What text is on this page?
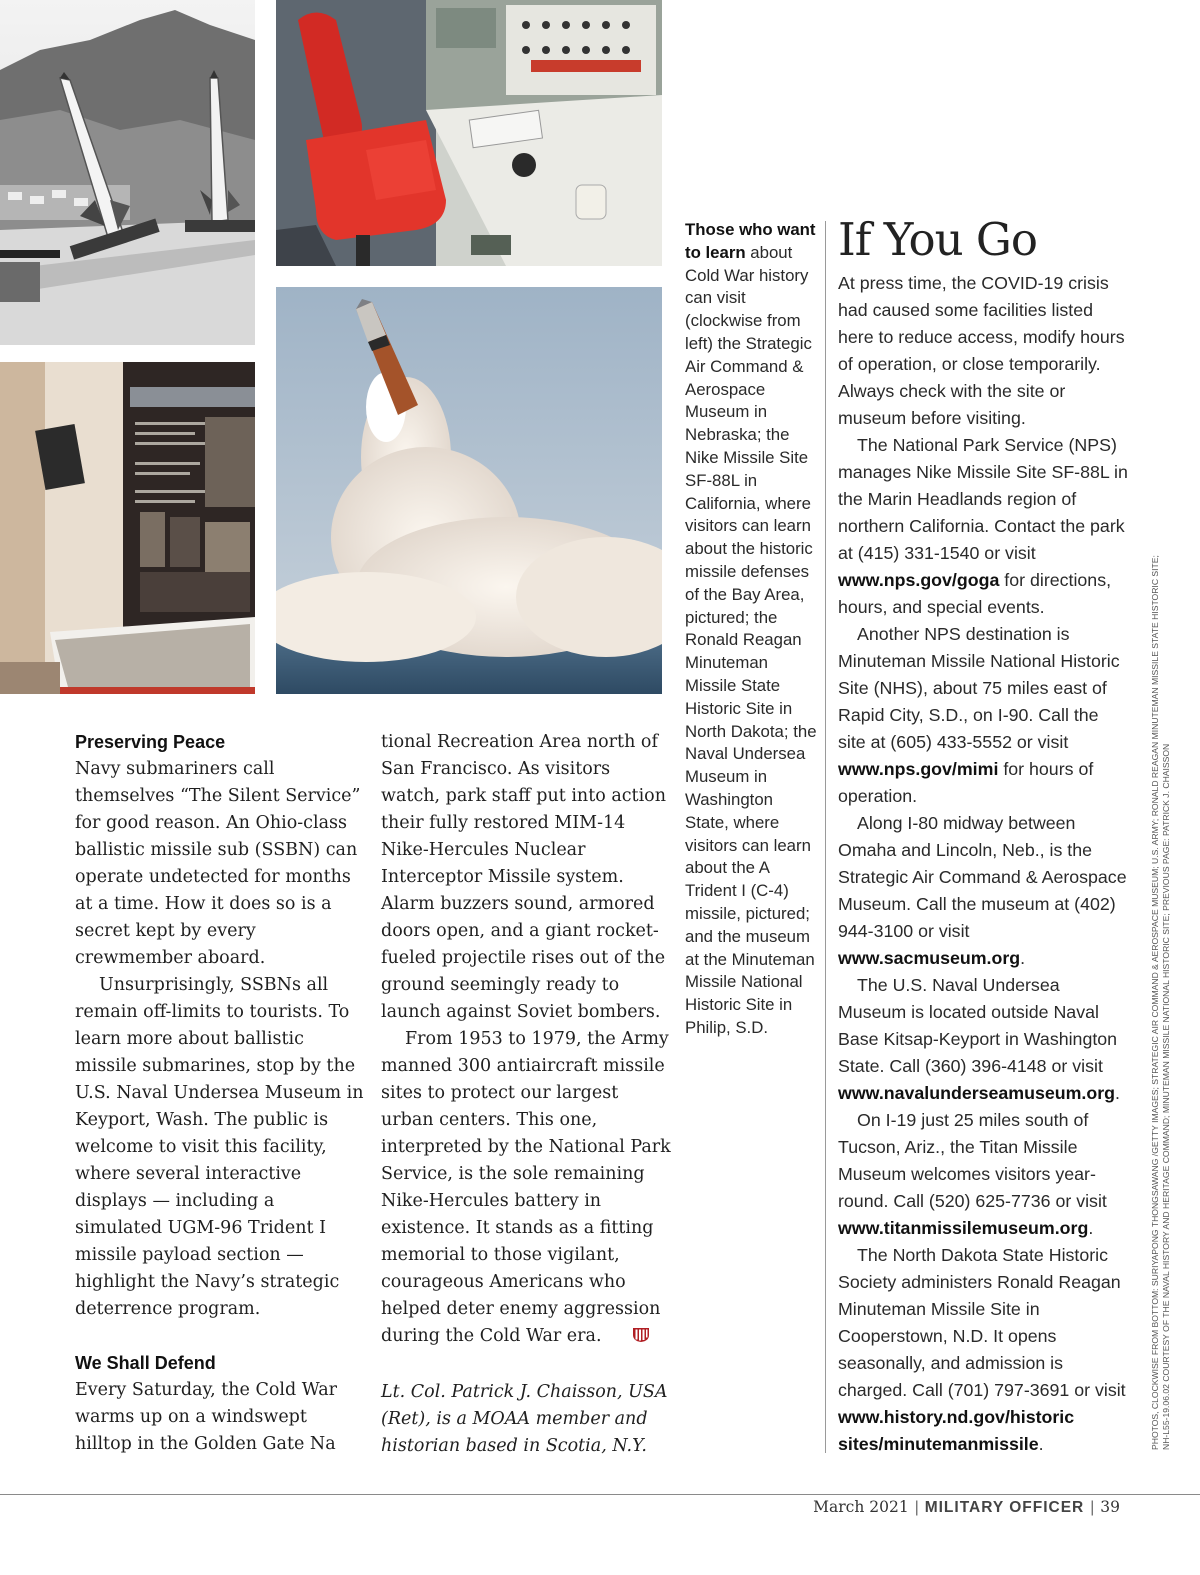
Preserving Peace

Navy submariners call themselves “The Silent Service” for good reason. An Ohio-class ballistic missile sub (SSBN) can operate undetected for months at a time. How it does so is a secret kept by every crewmember aboard.

Unsurprisingly, SSBNs all remain off-limits to tourists. To learn more about ballistic missile submarines, stop by the U.S. Naval Undersea Museum in Keyport, Wash. The public is welcome to visit this facility, where several interactive displays — including a simulated UGM-96 Trident I missile payload section — highlight the Navy’s strategic deterrence program.

We Shall Defend

Every Saturday, the Cold War warms up on a windswept hilltop in the Golden Gate Na

tional Recreation Area north of San Francisco. As visitors watch, park staff put into action their fully restored MIM-14 Nike-Hercules Nuclear Interceptor Missile system. Alarm buzzers sound, armored doors open, and a giant rocket-fueled projectile rises out of the ground seemingly ready to launch against Soviet bombers.

From 1953 to 1979, the Army manned 300 antiaircraft missile sites to protect our largest urban centers. This one, interpreted by the National Park Service, is the sole remaining Nike-Hercules battery in existence. It stands as a fitting memorial to those vigilant, courageous Americans who helped deter enemy aggression during the Cold War era.

Lt. Col. Patrick J. Chaisson, USA (Ret), is a MOAA member and historian based in Scotia, N.Y.

Those who want to learn about Cold War history can visit (clockwise from left) the Strategic Air Command & Aerospace Museum in Nebraska; the Nike Missile Site SF-88L in California, where visitors can learn about the historic missile defenses of the Bay Area, pictured; the Ronald Reagan Minuteman Missile State Historic Site in North Dakota; the Naval Undersea Museum in Washington State, where visitors can learn about the A Trident I (C-4) missile, pictured; and the museum at the Minuteman Missile National Historic Site in Philip, S.D.
If You Go

At press time, the COVID-19 crisis had caused some facilities listed here to reduce access, modify hours of operation, or close temporarily. Always check with the site or museum before visiting.

The National Park Service (NPS) manages Nike Missile Site SF-88L in the Marin Headlands region of northern California. Contact the park at (415) 331-1540 or visit www.nps.gov/goga for directions, hours, and special events.

Another NPS destination is Minuteman Missile National Historic Site (NHS), about 75 miles east of Rapid City, S.D., on I-90. Call the site at (605) 433-5552 or visit www.nps.gov/mimi for hours of operation.

Along I-80 midway between Omaha and Lincoln, Neb., is the Strategic Air Command & Aerospace Museum. Call the museum at (402) 944-3100 or visit www.sacmuseum.org.

The U.S. Naval Undersea Museum is located outside Naval Base Kitsap-Keyport in Washington State. Call (360) 396-4148 or visit www.navalunderseamuseum.org.

On I-19 just 25 miles south of Tucson, Ariz., the Titan Missile Museum welcomes visitors year-round. Call (520) 625-7736 or visit www.titanmissilemuseum.org.

The North Dakota State Historic Society administers Ronald Reagan Minuteman Missile Site in Cooperstown, N.D. It opens seasonally, and admission is charged. Call (701) 797-3691 or visit www.history.nd.gov/historic sites/minutemanmissile.	PHOTOS, CLOCKWISE FROM BOTTOM: SURIYAPONG THONGSAWANG /GETTY IMAGES; STRATEGIC AIR COMMAND & AEROSPACE MUSEUM; U.S. ARMY; RONALD REAGAN MINUTEMAN MISSILE STATE HISTORIC SITE; NH-L55-19.06.02 COURTESY OF THE NAVAL HISTORY AND HERITAGE COMMAND; MINUTEMAN MISSILE NATIONAL HISTORIC SITE; PREVIOUS PAGE: PATRICK J. CHAISSON
March 2021 | MILITARY OFFICER | 39
